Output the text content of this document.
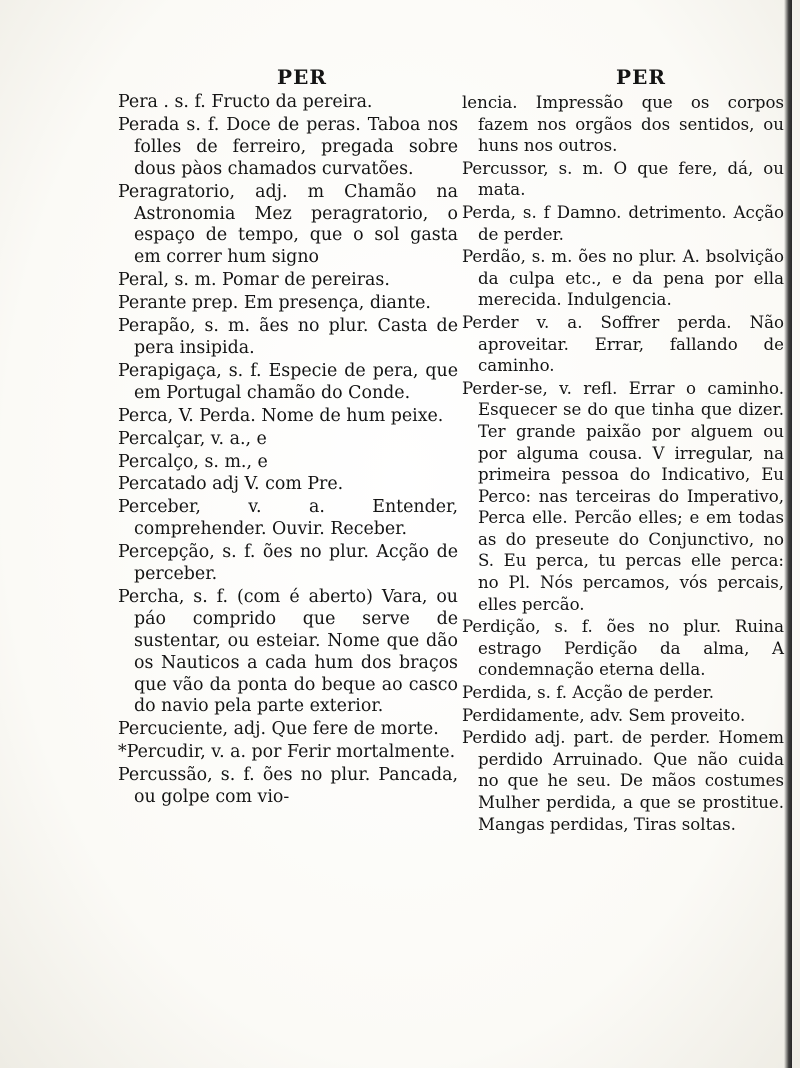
PER

Pera . s. f. Fructo da pereira.

Perada s. f. Doce de peras. Taboa nos folles de ferreiro, pregada sobre dous pàos chamados curvatões.

Peragratorio, adj. m Chamão na Astronomia Mez peragratorio, o espaço de tempo, que o sol gasta em correr hum signo

Peral, s. m. Pomar de pereiras.

Perante prep. Em presença, diante.

Perapão, s. m. ães no plur. Casta de pera insipida.

Perapigaça, s. f. Especie de pera, que em Portugal chamão do Conde.

Perca, V. Perda. Nome de hum peixe.

Percalçar, v. a., e

Percalço, s. m., e

Percatado adj V. com Pre.

Perceber, v. a. Entender, comprehender. Ouvir. Receber.

Percepção, s. f. ões no plur. Acção de perceber.

Percha, s. f. (com é aberto) Vara, ou páo comprido que serve de sustentar, ou esteiar. Nome que dão os Nauticos a cada hum dos braços que vão da ponta do beque ao casco do navio pela parte exterior.

Percuciente, adj. Que fere de morte.

*Percudir, v. a. por Ferir mortalmente.

Percussão, s. f. ões no plur. Pancada, ou golpe com vio-

PER

lencia. Impressão que os corpos fazem nos orgãos dos sentidos, ou huns nos outros.

Percussor, s. m. O que fere, dá, ou mata.

Perda, s. f Damno. detrimento. Acção de perder.

Perdão, s. m. ões no plur. A. bsolvição da culpa etc., e da pena por ella merecida. Indulgencia.

Perder v. a. Soffrer perda. Não aproveitar. Errar, fallando de caminho.

Perder-se, v. refl. Errar o caminho. Esquecer se do que tinha que dizer. Ter grande paixão por alguem ou por alguma cousa. V irregular, na primeira pessoa do Indicativo, Eu Perco: nas terceiras do Imperativo, Perca elle. Percão elles; e em todas as do preseute do Conjunctivo, no S. Eu perca, tu percas elle perca: no Pl. Nós percamos, vós percais, elles percão.

Perdição, s. f. ões no plur. Ruina estrago Perdição da alma, A condemnação eterna della.

Perdida, s. f. Acção de perder.

Perdidamente, adv. Sem proveito.

Perdido adj. part. de perder. Homem perdido Arruinado. Que não cuida no que he seu. De mãos costumes Mulher perdida, a que se prostitue. Mangas perdidas, Tiras soltas.
